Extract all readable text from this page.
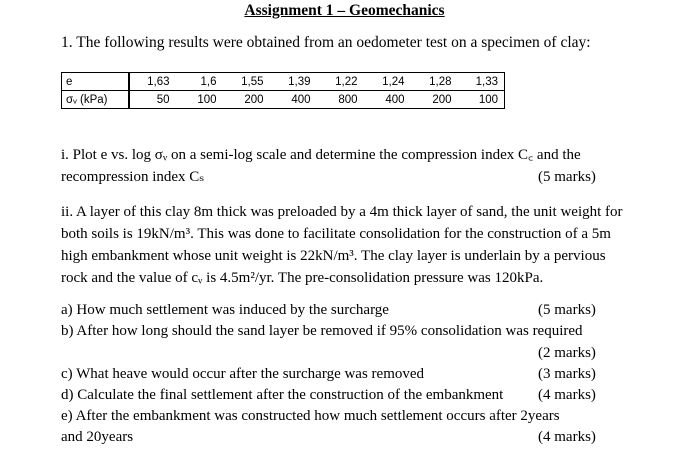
Assignment 1 – Geomechanics
1. The following results were obtained from an oedometer test on a specimen of clay:
e	1,63	1,6	1,55	1,39	1,22	1,24	1,28	1,33
σᵥ (kPa)	50	100	200	400	800	400	200	100
i. Plot e vs. log σᵥ on a semi-log scale and determine the compression index C꜀ and the
recompression index Cₛ	(5 marks)
ii. A layer of this clay 8m thick was preloaded by a 4m thick layer of sand, the unit weight for
both soils is 19kN/m³. This was done to facilitate consolidation for the construction of a 5m
high embankment whose unit weight is 22kN/m³. The clay layer is underlain by a pervious
rock and the value of cᵥ is 4.5m²/yr. The pre-consolidation pressure was 120kPa.
a) How much settlement was induced by the surcharge	(5 marks)
b) After how long should the sand layer be removed if 95% consolidation was required
(2 marks)
c) What heave would occur after the surcharge was removed	(3 marks)
d) Calculate the final settlement after the construction of the embankment (4 marks)
e) After the embankment was constructed how much settlement occurs after 2years
and 20years	(4 marks)
